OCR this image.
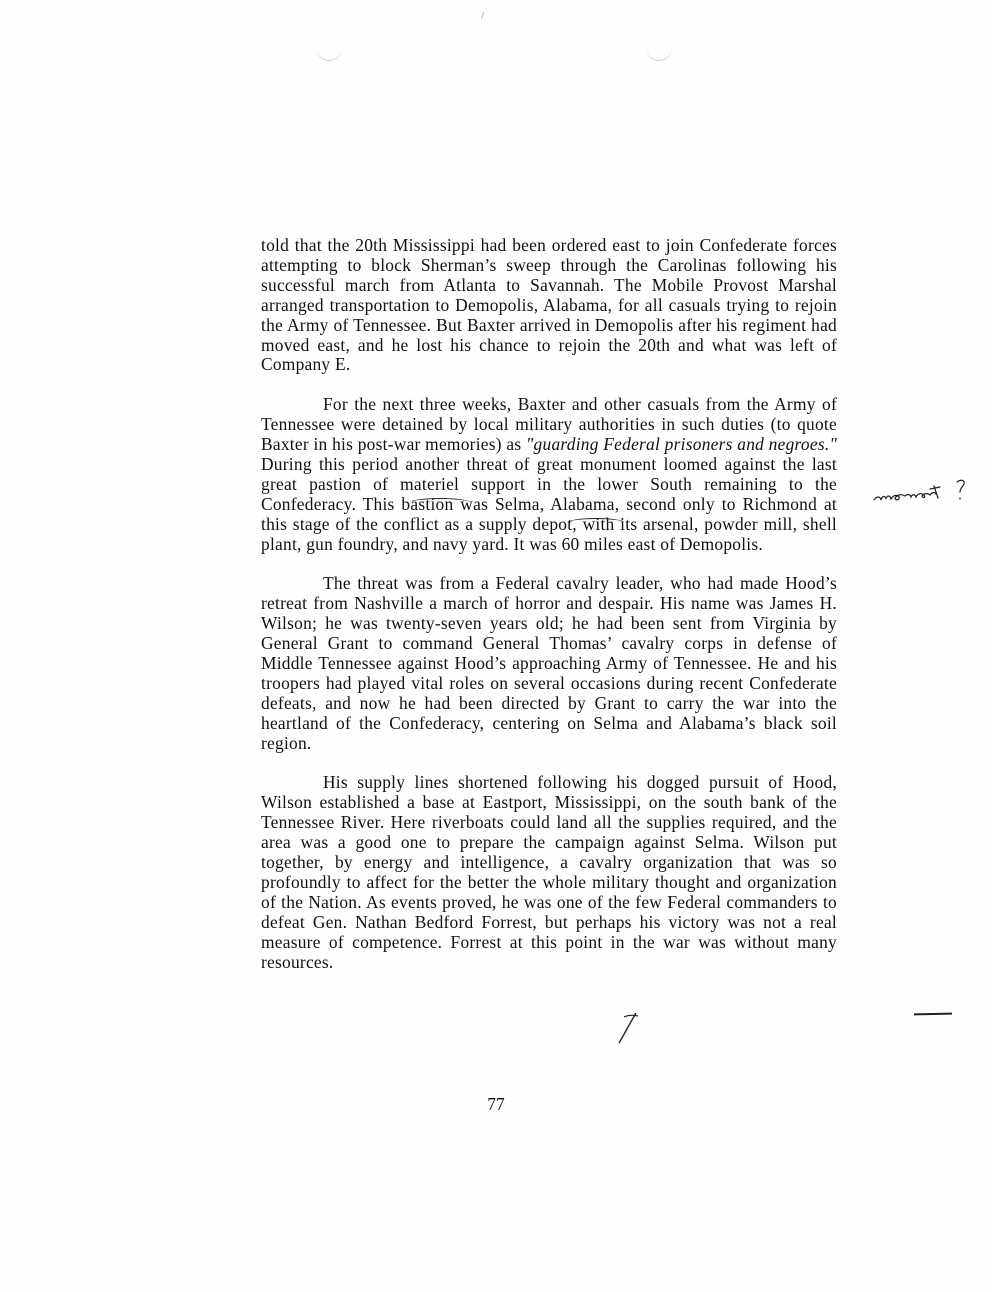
told that the 20th Mississippi had been ordered east to join Confederate forces attempting to block Sherman’s sweep through the Carolinas following his successful march from Atlanta to Savannah. The Mobile Provost Marshal arranged transportation to Demopolis, Alabama, for all casuals trying to rejoin the Army of Tennessee. But Baxter arrived in Demopolis after his regiment had moved east, and he lost his chance to rejoin the 20th and what was left of Company E.

For the next three weeks, Baxter and other casuals from the Army of Tennessee were detained by local military authorities in such duties (to quote Baxter in his post-war memories) as "guarding Federal prisoners and negroes." During this period another threat of great monument loomed against the last great pastion of materiel support in the lower South remaining to the Confederacy. This bastion was Selma, Alabama, second only to Richmond at this stage of the conflict as a supply depot, with its arsenal, powder mill, shell plant, gun foundry, and navy yard. It was 60 miles east of Demopolis.

The threat was from a Federal cavalry leader, who had made Hood’s retreat from Nashville a march of horror and despair. His name was James H. Wilson; he was twenty-seven years old; he had been sent from Virginia by General Grant to command General Thomas’ cavalry corps in defense of Middle Tennessee against Hood’s approaching Army of Tennessee. He and his troopers had played vital roles on several occasions during recent Confederate defeats, and now he had been directed by Grant to carry the war into the heartland of the Confederacy, centering on Selma and Alabama’s black soil region.

His supply lines shortened following his dogged pursuit of Hood, Wilson established a base at Eastport, Mississippi, on the south bank of the Tennessee River. Here riverboats could land all the supplies required, and the area was a good one to prepare the campaign against Selma. Wilson put together, by energy and intelligence, a cavalry organization that was so profoundly to affect for the better the whole military thought and organization of the Nation. As events proved, he was one of the few Federal commanders to defeat Gen. Nathan Bedford Forrest, but perhaps his victory was not a real measure of competence. Forrest at this point in the war was without many resources.

77
